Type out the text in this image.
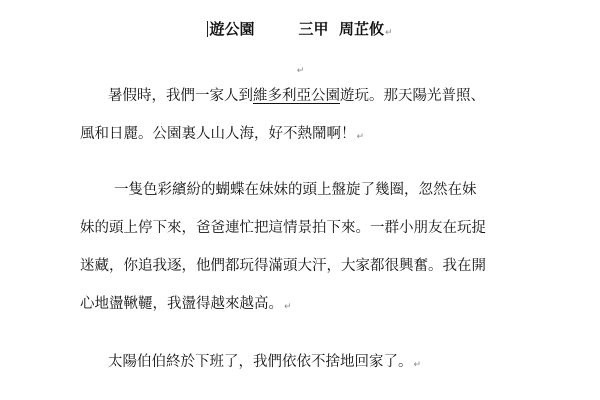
遊公園	三甲 周芷攸↵
↵
暑假時，我們一家人到維多利亞公園遊玩。那天陽光普照、
風和日麗。公園裏人山人海，好不熱鬧啊！↵
一隻色彩繽紛的蝴蝶在妹妹的頭上盤旋了幾圈，忽然在妹
妹的頭上停下來，爸爸連忙把這情景拍下來。一群小朋友在玩捉
迷藏，你追我逐，他們都玩得滿頭大汗，大家都很興奮。我在開
心地盪鞦韆，我盪得越來越高。↵
太陽伯伯終於下班了，我們依依不捨地回家了。↵
